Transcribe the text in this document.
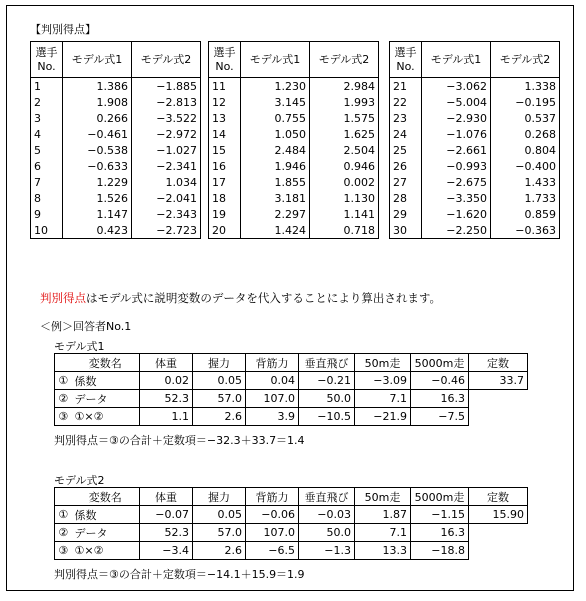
【判別得点】
選手
No.	モデル式1	モデル式2
1	1.386	−1.885
2	1.908	−2.813
3	0.266	−3.522
4	−0.461	−2.972
5	−0.538	−1.027
6	−0.633	−2.341
7	1.229	1.034
8	1.526	−2.041
9	1.147	−2.343
10	0.423	−2.723
選手
No.	モデル式1	モデル式2
11	1.230	2.984
12	3.145	1.993
13	0.755	1.575
14	1.050	1.625
15	2.484	2.504
16	1.946	0.946
17	1.855	0.002
18	3.181	1.130
19	2.297	1.141
20	1.424	0.718
選手
No.	モデル式1	モデル式2
21	−3.062	1.338
22	−5.004	−0.195
23	−2.930	0.537
24	−1.076	0.268
25	−2.661	0.804
26	−0.993	−0.400
27	−2.675	1.433
28	−3.350	1.733
29	−1.620	0.859
30	−2.250	−0.363
判別得点はモデル式に説明変数のデータを代入することにより算出されます。
＜例＞回答者No.1
モデル式1
	変数名	体重	握力	背筋力	垂直飛び	50m走	5000m走	定数
①	係数	0.02	0.05	0.04	−0.21	−3.09	−0.46	33.7
②	データ	52.3	57.0	107.0	50.0	7.1	16.3	
③	①×②	1.1	2.6	3.9	−10.5	−21.9	−7.5	
判別得点＝③の合計＋定数項＝−32.3＋33.7＝1.4
モデル式2
	変数名	体重	握力	背筋力	垂直飛び	50m走	5000m走	定数
①	係数	−0.07	0.05	−0.06	−0.03	1.87	−1.15	15.90
②	データ	52.3	57.0	107.0	50.0	7.1	16.3	
③	①×②	−3.4	2.6	−6.5	−1.3	13.3	−18.8	
判別得点＝③の合計＋定数項＝−14.1＋15.9＝1.9
